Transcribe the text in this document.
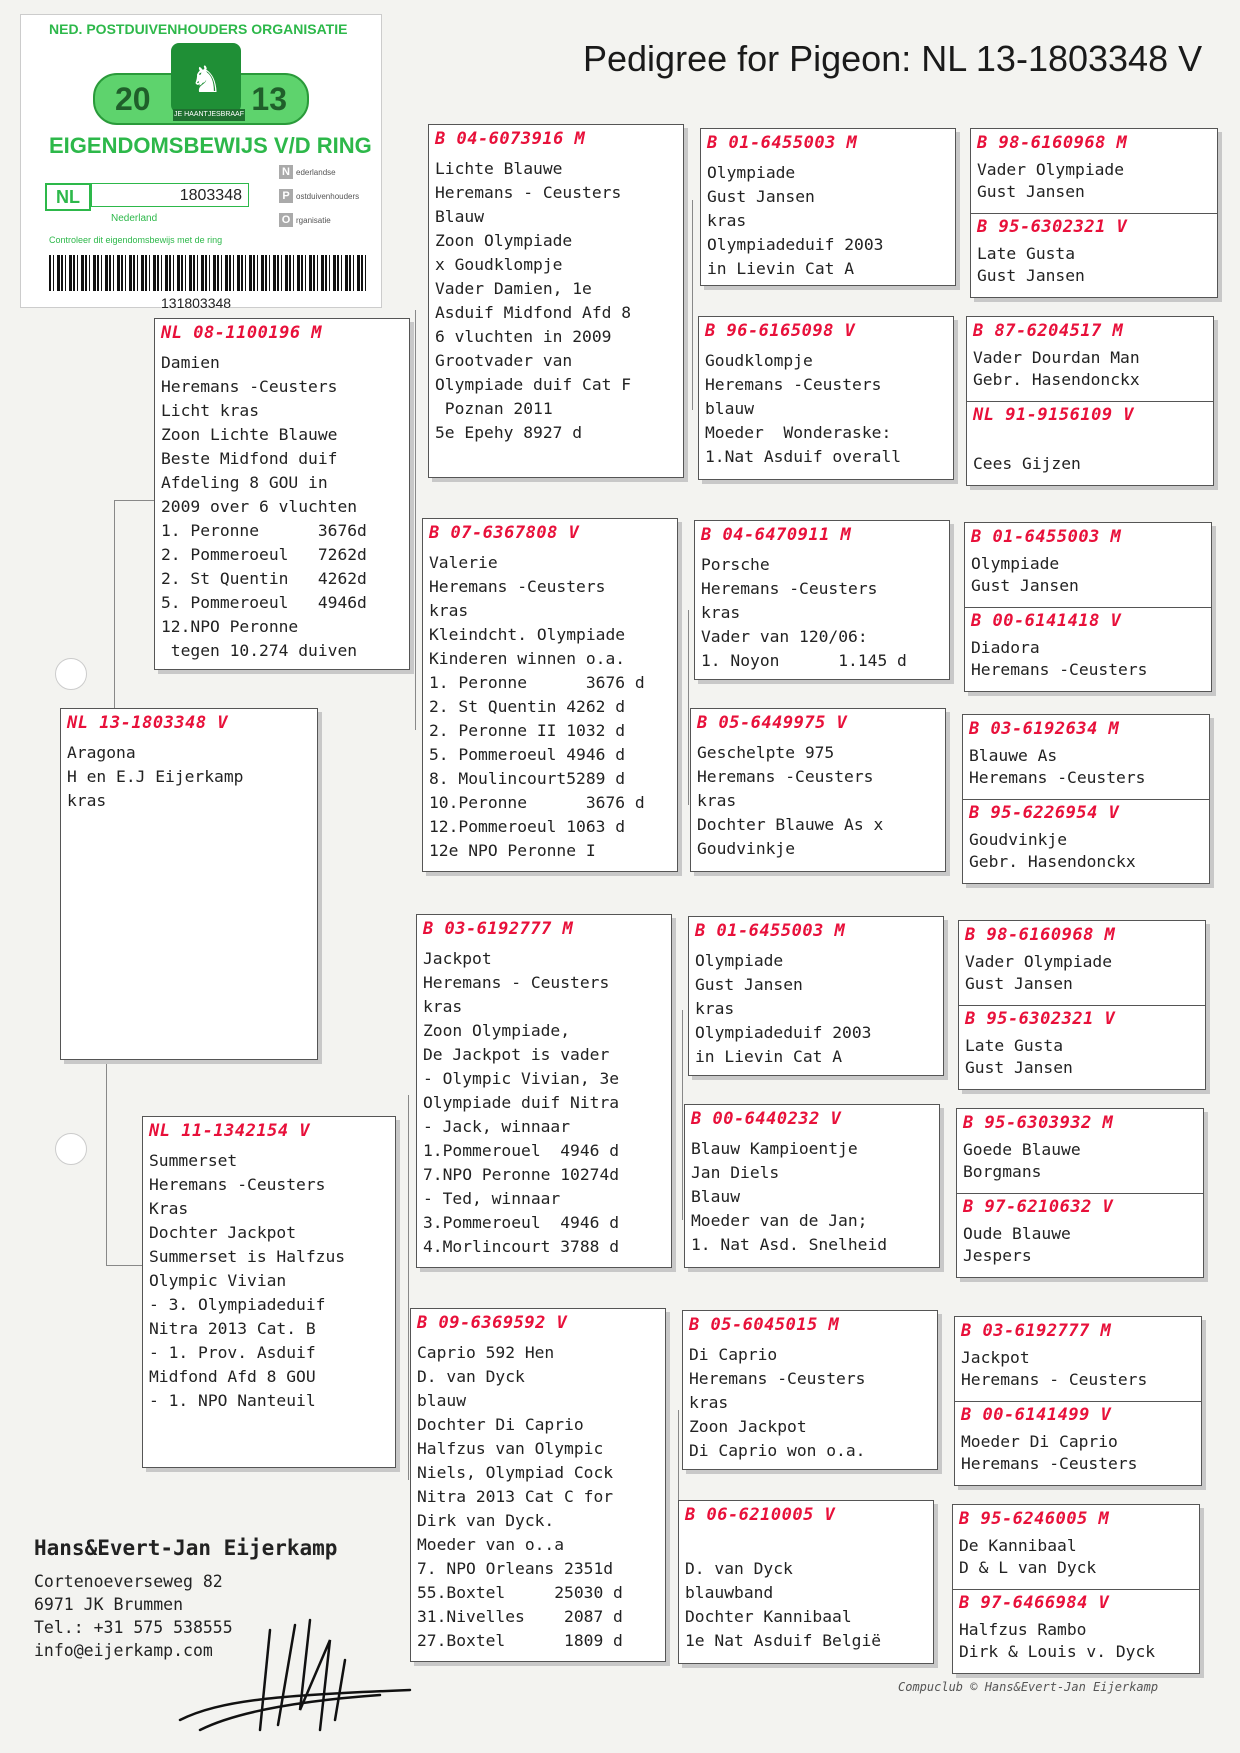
Pedigree for Pigeon: NL 13-1803348 V
NED. POSTDUIVENHOUDERS ORGANISATIE
20	13
♞
JE HAANTJESBRAAF
EIGENDOMSBEWIJS V/D RING
NL	1803348
Nederland
Controleer dit eigendomsbewijs met de ring
N ederlandse
P ostduivenhouders
O rganisatie
131803348
NL 13-1803348 V
Aragona
H en E.J Eijerkamp
kras
NL 08-1100196 M
Damien
Heremans -Ceusters
Licht kras
Zoon Lichte Blauwe
Beste Midfond duif
Afdeling 8 GOU in
2009 over 6 vluchten
1. Peronne      3676d
2. Pommeroeul   7262d
2. St Quentin   4262d
5. Pommeroeul   4946d
12.NPO Peronne
tegen 10.274 duiven
NL 11-1342154 V
Summerset
Heremans -Ceusters
Kras
Dochter Jackpot
Summerset is Halfzus
Olympic Vivian
- 3. Olympiadeduif
Nitra 2013 Cat. B
- 1. Prov. Asduif
Midfond Afd 8 GOU
- 1. NPO Nanteuil
B 04-6073916 M
Lichte Blauwe
Heremans - Ceusters
Blauw
Zoon Olympiade
x Goudklompje
Vader Damien, 1e
Asduif Midfond Afd 8
6 vluchten in 2009
Grootvader van
Olympiade duif Cat F
Poznan 2011
5e Epehy 8927 d
B 07-6367808 V
Valerie
Heremans -Ceusters
kras
Kleindcht. Olympiade
Kinderen winnen o.a.
1. Peronne      3676 d
2. St Quentin 4262 d
2. Peronne II 1032 d
5. Pommeroeul 4946 d
8. Moulincourt5289 d
10.Peronne      3676 d
12.Pommeroeul 1063 d
12e NPO Peronne I
B 03-6192777 M
Jackpot
Heremans - Ceusters
kras
Zoon Olympiade,
De Jackpot is vader
- Olympic Vivian, 3e
Olympiade duif Nitra
- Jack, winnaar
1.Pommerouel  4946 d
7.NPO Peronne 10274d
- Ted, winnaar
3.Pommeroeul  4946 d
4.Morlincourt 3788 d
B 09-6369592 V
Caprio 592 Hen
D. van Dyck
blauw
Dochter Di Caprio
Halfzus van Olympic
Niels, Olympiad Cock
Nitra 2013 Cat C for
Dirk van Dyck.
Moeder van o..a
7. NPO Orleans 2351d
55.Boxtel     25030 d
31.Nivelles    2087 d
27.Boxtel      1809 d
B 01-6455003 M
Olympiade
Gust Jansen
kras
Olympiadeduif 2003
in Lievin Cat A
B 96-6165098 V
Goudklompje
Heremans -Ceusters
blauw
Moeder  Wonderaske:
1.Nat Asduif overall
B 04-6470911 M
Porsche
Heremans -Ceusters
kras
Vader van 120/06:
1. Noyon      1.145 d
B 05-6449975 V
Geschelpte 975
Heremans -Ceusters
kras
Dochter Blauwe As x
Goudvinkje
B 01-6455003 M
Olympiade
Gust Jansen
kras
Olympiadeduif 2003
in Lievin Cat A
B 00-6440232 V
Blauw Kampioentje
Jan Diels
Blauw
Moeder van de Jan;
1. Nat Asd. Snelheid
B 05-6045015 M
Di Caprio
Heremans -Ceusters
kras
Zoon Jackpot
Di Caprio won o.a.
B 06-6210005 V

D. van Dyck
blauwband
Dochter Kannibaal
1e Nat Asduif België
B 98-6160968 M
Vader Olympiade
Gust Jansen
B 95-6302321 V
Late Gusta
Gust Jansen
B 87-6204517 M
Vader Dourdan Man
Gebr. Hasendonckx
NL 91-9156109 V

Cees Gijzen
B 01-6455003 M
Olympiade
Gust Jansen
B 00-6141418 V
Diadora
Heremans -Ceusters
B 03-6192634 M
Blauwe As
Heremans -Ceusters
B 95-6226954 V
Goudvinkje
Gebr. Hasendonckx
B 98-6160968 M
Vader Olympiade
Gust Jansen
B 95-6302321 V
Late Gusta
Gust Jansen
B 95-6303932 M
Goede Blauwe
Borgmans
B 97-6210632 V
Oude Blauwe
Jespers
B 03-6192777 M
Jackpot
Heremans - Ceusters
B 00-6141499 V
Moeder Di Caprio
Heremans -Ceusters
B 95-6246005 M
De Kannibaal
D & L van Dyck
B 97-6466984 V
Halfzus Rambo
Dirk & Louis v. Dyck
Hans&Evert-Jan Eijerkamp
Cortenoeverseweg 82
6971 JK Brummen
Tel.: +31 575 538555
info@eijerkamp.com
Compuclub © Hans&Evert-Jan Eijerkamp
